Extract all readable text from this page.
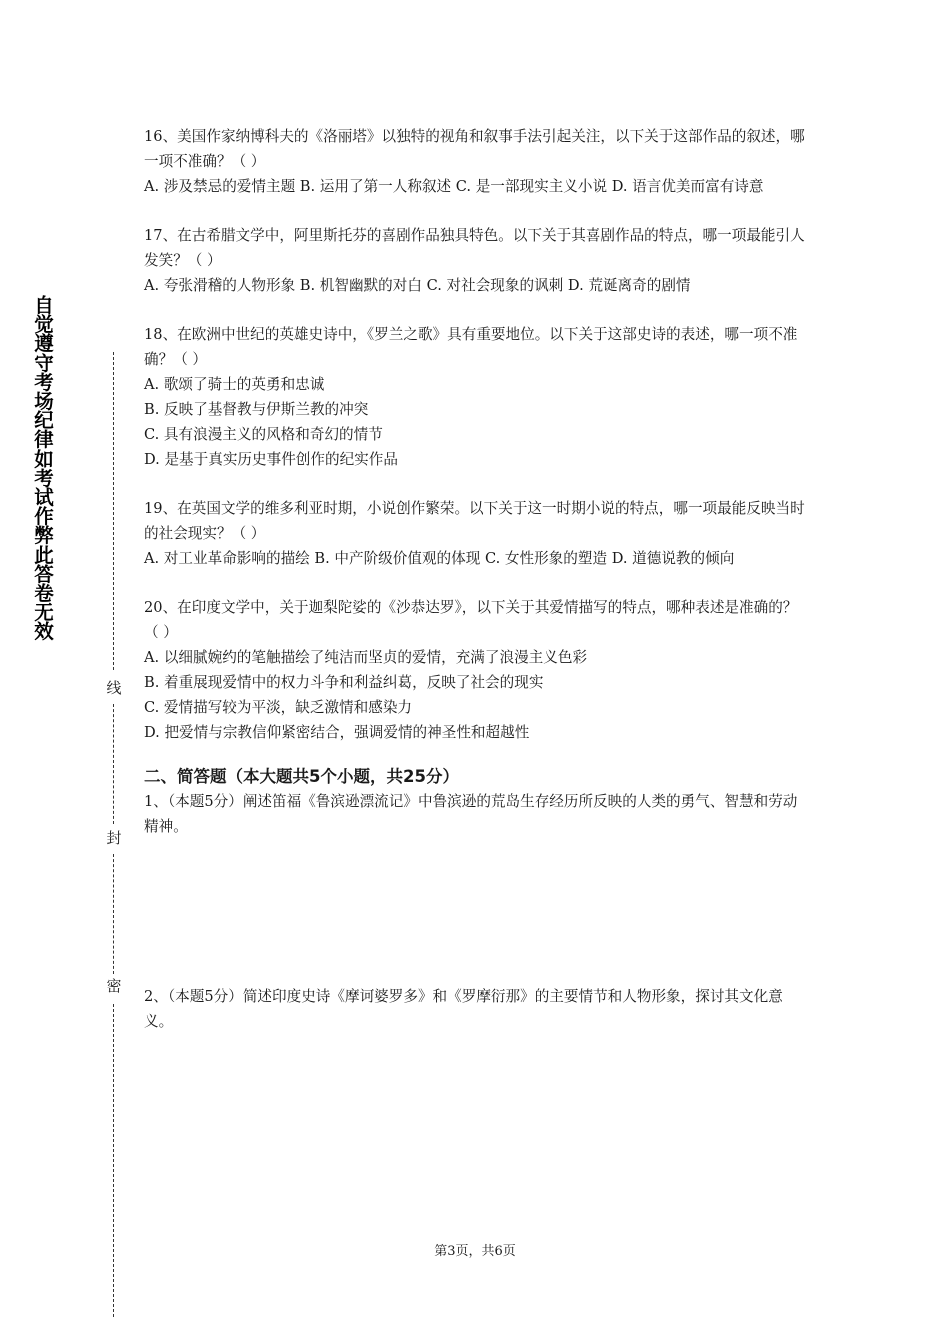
自觉遵守考场纪律如考试作弊此答卷无效
线
封
密

16、美国作家纳博科夫的《洛丽塔》以独特的视角和叙事手法引起关注，以下关于这部作品的叙述，哪一项不准确？（ ）

A. 涉及禁忌的爱情主题 B. 运用了第一人称叙述 C. 是一部现实主义小说 D. 语言优美而富有诗意

17、在古希腊文学中，阿里斯托芬的喜剧作品独具特色。以下关于其喜剧作品的特点，哪一项最能引人发笑？（ ）

A. 夸张滑稽的人物形象 B. 机智幽默的对白 C. 对社会现象的讽刺 D. 荒诞离奇的剧情

18、在欧洲中世纪的英雄史诗中，《罗兰之歌》具有重要地位。以下关于这部史诗的表述，哪一项不准确？（ ）

A. 歌颂了骑士的英勇和忠诚
B. 反映了基督教与伊斯兰教的冲突
C. 具有浪漫主义的风格和奇幻的情节
D. 是基于真实历史事件创作的纪实作品

19、在英国文学的维多利亚时期，小说创作繁荣。以下关于这一时期小说的特点，哪一项最能反映当时的社会现实？（ ）

A. 对工业革命影响的描绘 B. 中产阶级价值观的体现 C. 女性形象的塑造 D. 道德说教的倾向

20、在印度文学中，关于迦梨陀娑的《沙恭达罗》，以下关于其爱情描写的特点，哪种表述是准确的？（ ）

A. 以细腻婉约的笔触描绘了纯洁而坚贞的爱情，充满了浪漫主义色彩
B. 着重展现爱情中的权力斗争和利益纠葛，反映了社会的现实
C. 爱情描写较为平淡，缺乏激情和感染力
D. 把爱情与宗教信仰紧密结合，强调爱情的神圣性和超越性
二、简答题（本大题共5个小题，共25分）

1、（本题5分）阐述笛福《鲁滨逊漂流记》中鲁滨逊的荒岛生存经历所反映的人类的勇气、智慧和劳动精神。

2、（本题5分）简述印度史诗《摩诃婆罗多》和《罗摩衍那》的主要情节和人物形象，探讨其文化意义。

第3页，共6页
